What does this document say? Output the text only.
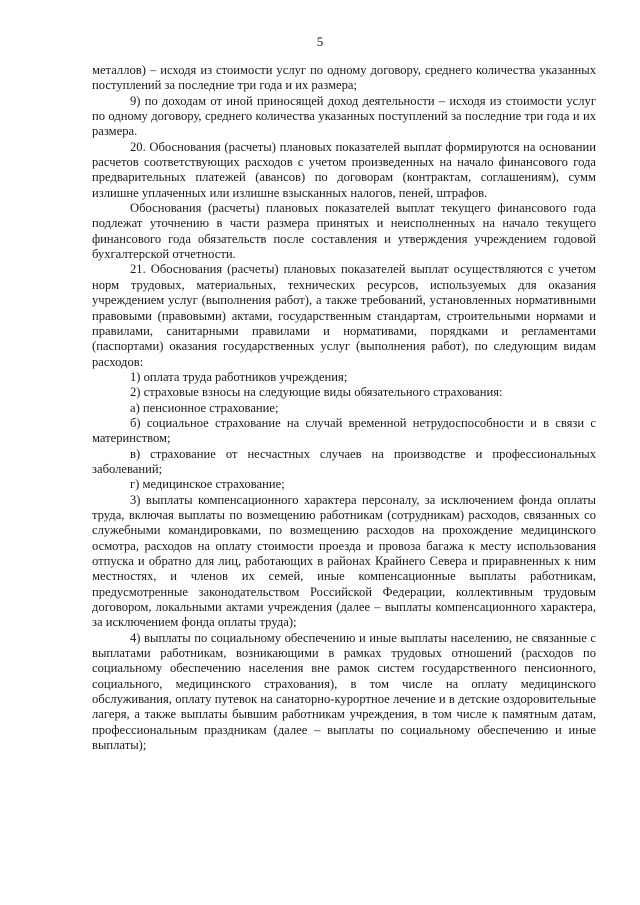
5

металлов) – исходя из стоимости услуг по одному договору, среднего количества указанных поступлений за последние три года и их размера;

9) по доходам от иной приносящей доход деятельности – исходя из стоимости услуг по одному договору, среднего количества указанных поступлений за последние три года и их размера.

20. Обоснования (расчеты) плановых показателей выплат формируются на основании расчетов соответствующих расходов с учетом произведенных на начало финансового года предварительных платежей (авансов) по договорам (контрактам, соглашениям), сумм излишне уплаченных или излишне взысканных налогов, пеней, штрафов.

Обоснования (расчеты) плановых показателей выплат текущего финансового года подлежат уточнению в части размера принятых и неисполненных на начало текущего финансового года обязательств после составления и утверждения учреждением годовой бухгалтерской отчетности.

21. Обоснования (расчеты) плановых показателей выплат осуществляются с учетом норм трудовых, материальных, технических ресурсов, используемых для оказания учреждением услуг (выполнения работ), а также требований, установленных нормативными правовыми (правовыми) актами, государственным стандартам, строительными нормами и правилами, санитарными правилами и нормативами, порядками и регламентами (паспортами) оказания государственных услуг (выполнения работ), по следующим видам расходов:

1) оплата труда работников учреждения;

2) страховые взносы на следующие виды обязательного страхования:

а) пенсионное страхование;

б) социальное страхование на случай временной нетрудоспособности и в связи с материнством;

в) страхование от несчастных случаев на производстве и профессиональных заболеваний;

г) медицинское страхование;

3) выплаты компенсационного характера персоналу, за исключением фонда оплаты труда, включая выплаты по возмещению работникам (сотрудникам) расходов, связанных со служебными командировками, по возмещению расходов на прохождение медицинского осмотра, расходов на оплату стоимости проезда и провоза багажа к месту использования отпуска и обратно для лиц, работающих в районах Крайнего Севера и приравненных к ним местностях, и членов их семей, иные компенсационные выплаты работникам, предусмотренные законодательством Российской Федерации, коллективным трудовым договором, локальными актами учреждения (далее – выплаты компенсационного характера, за исключением фонда оплаты труда);

4) выплаты по социальному обеспечению и иные выплаты населению, не связанные с выплатами работникам, возникающими в рамках трудовых отношений (расходов по социальному обеспечению населения вне рамок систем государственного пенсионного, социального, медицинского страхования), в том числе на оплату медицинского обслуживания, оплату путевок на санаторно-курортное лечение и в детские оздоровительные лагеря, а также выплаты бывшим работникам учреждения, в том числе к памятным датам, профессиональным праздникам (далее – выплаты по социальному обеспечению и иные выплаты);
